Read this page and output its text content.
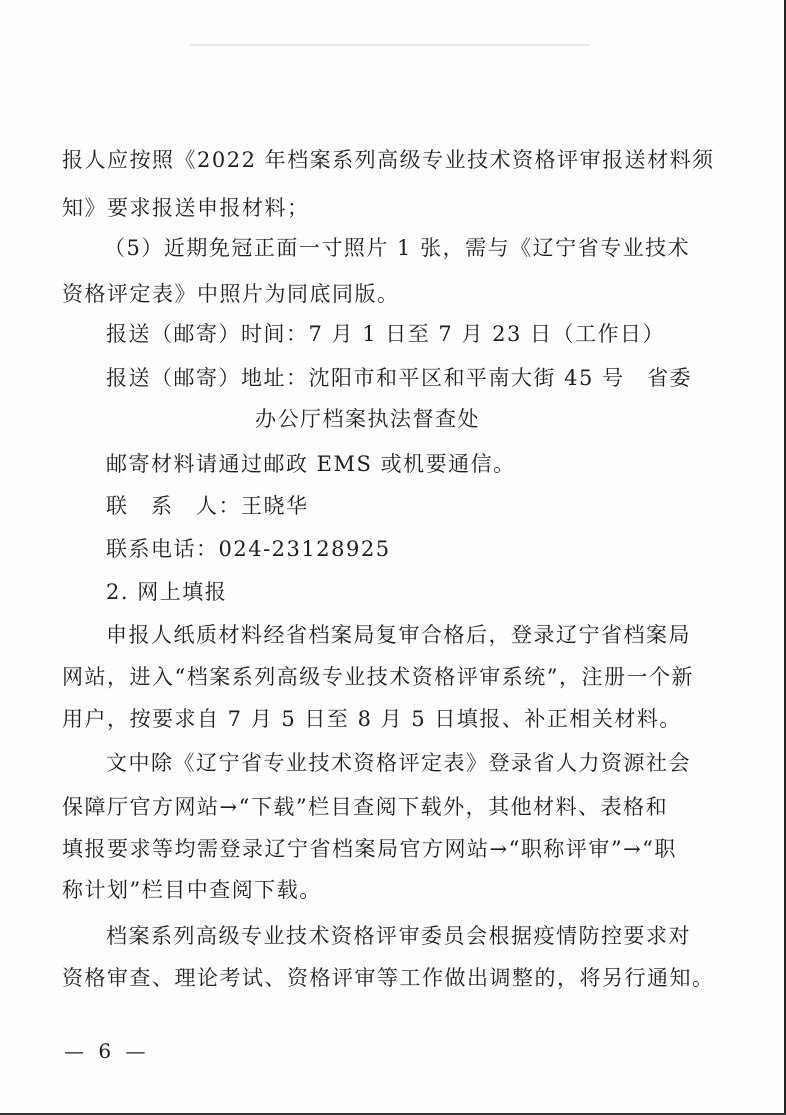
报人应按照《2022 年档案系列高级专业技术资格评审报送材料须
知》要求报送申报材料；
（5）近期免冠正面一寸照片 1 张，需与《辽宁省专业技术
资格评定表》中照片为同底同版。
报送（邮寄）时间：7 月 1 日至 7 月 23 日（工作日）
报送（邮寄）地址：沈阳市和平区和平南大街 45 号　省委
办公厅档案执法督查处
邮寄材料请通过邮政 EMS 或机要通信。
联　系　人：王晓华
联系电话：024-23128925
2. 网上填报
申报人纸质材料经省档案局复审合格后，登录辽宁省档案局
网站，进入“档案系列高级专业技术资格评审系统”，注册一个新
用户，按要求自 7 月 5 日至 8 月 5 日填报、补正相关材料。
文中除《辽宁省专业技术资格评定表》登录省人力资源社会
保障厅官方网站→“下载”栏目查阅下载外，其他材料、表格和
填报要求等均需登录辽宁省档案局官方网站→“职称评审”→“职
称计划”栏目中查阅下载。
档案系列高级专业技术资格评审委员会根据疫情防控要求对
资格审查、理论考试、资格评审等工作做出调整的，将另行通知。
— 6 —
